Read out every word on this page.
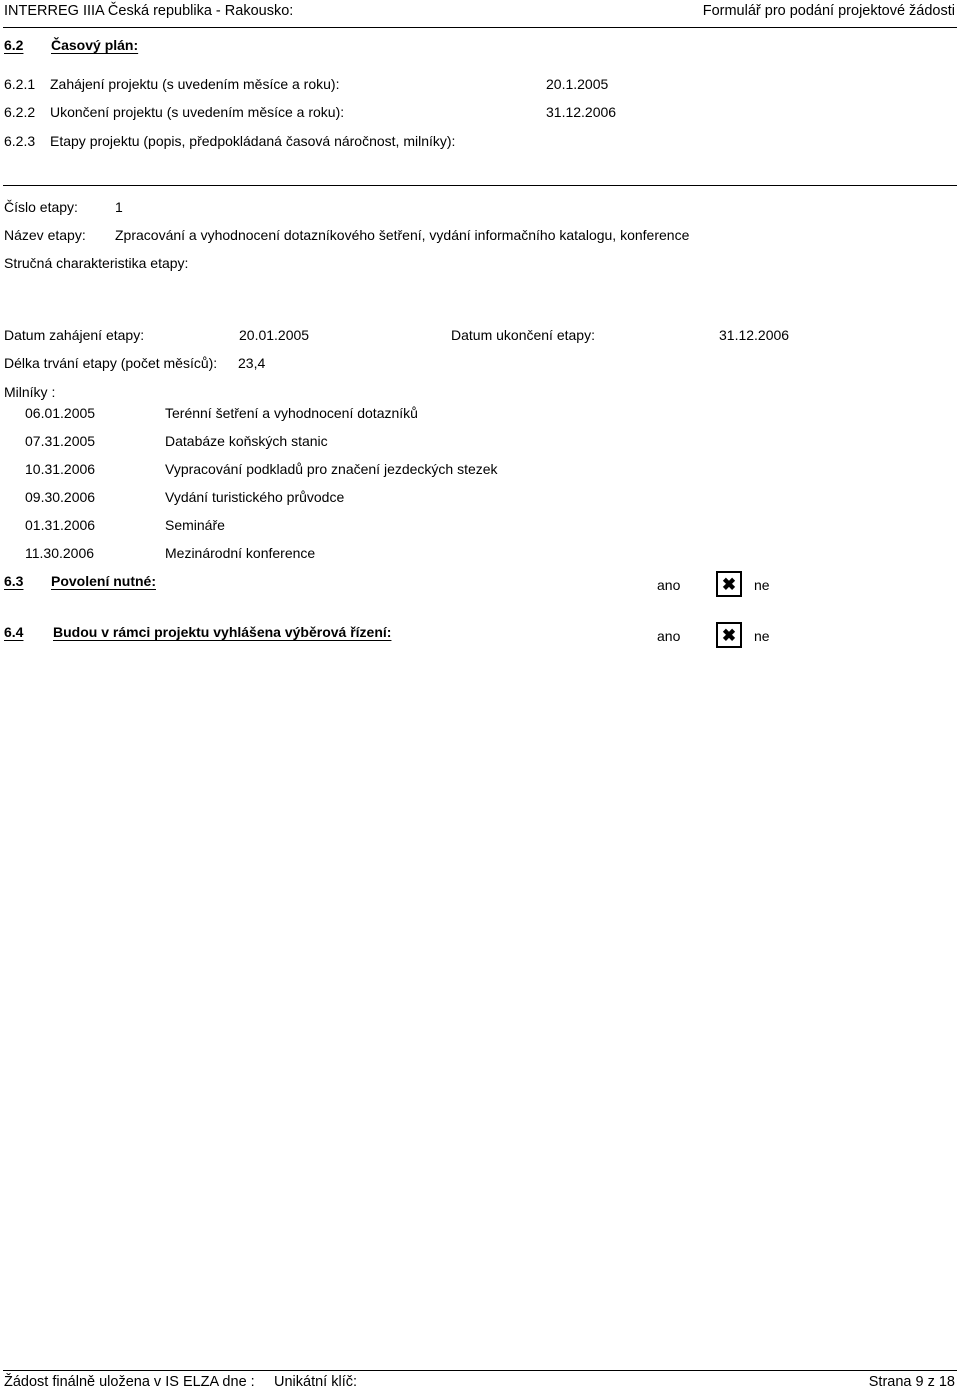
INTERREG IIIA Česká republika - Rakousko:	Formulář pro podání projektové žádosti
6.2 Časový plán:
6.2.1 Zahájení projektu (s uvedením měsíce a roku):	20.1.2005
6.2.2 Ukončení projektu (s uvedením měsíce a roku):	31.12.2006
6.2.3 Etapy projektu (popis, předpokládaná časová náročnost, milníky):
Číslo etapy:	1
Název etapy: Zpracování a vyhodnocení dotazníkového šetření, vydání informačního katalogu, konference
Stručná charakteristika etapy:
Datum zahájení etapy:	20.01.2005	Datum ukončení etapy:	31.12.2006
Délka trvání etapy (počet měsíců): 23,4
Milníky :
06.01.2005	Terénní šetření a vyhodnocení dotazníků
07.31.2005	Databáze koňských stanic
10.31.2006	Vypracování podkladů pro značení jezdeckých stezek
09.30.2006	Vydání turistického průvodce
01.31.2006	Semináře
11.30.2006	Mezinárodní konference
6.3 Povolení nutné:	ano	✖	ne
6.4 Budou v rámci projektu vyhlášena výběrová řízení:	ano	✖	ne
Žádost finálně uložena v IS ELZA dne : Unikátní klíč:	Strana 9 z 18
